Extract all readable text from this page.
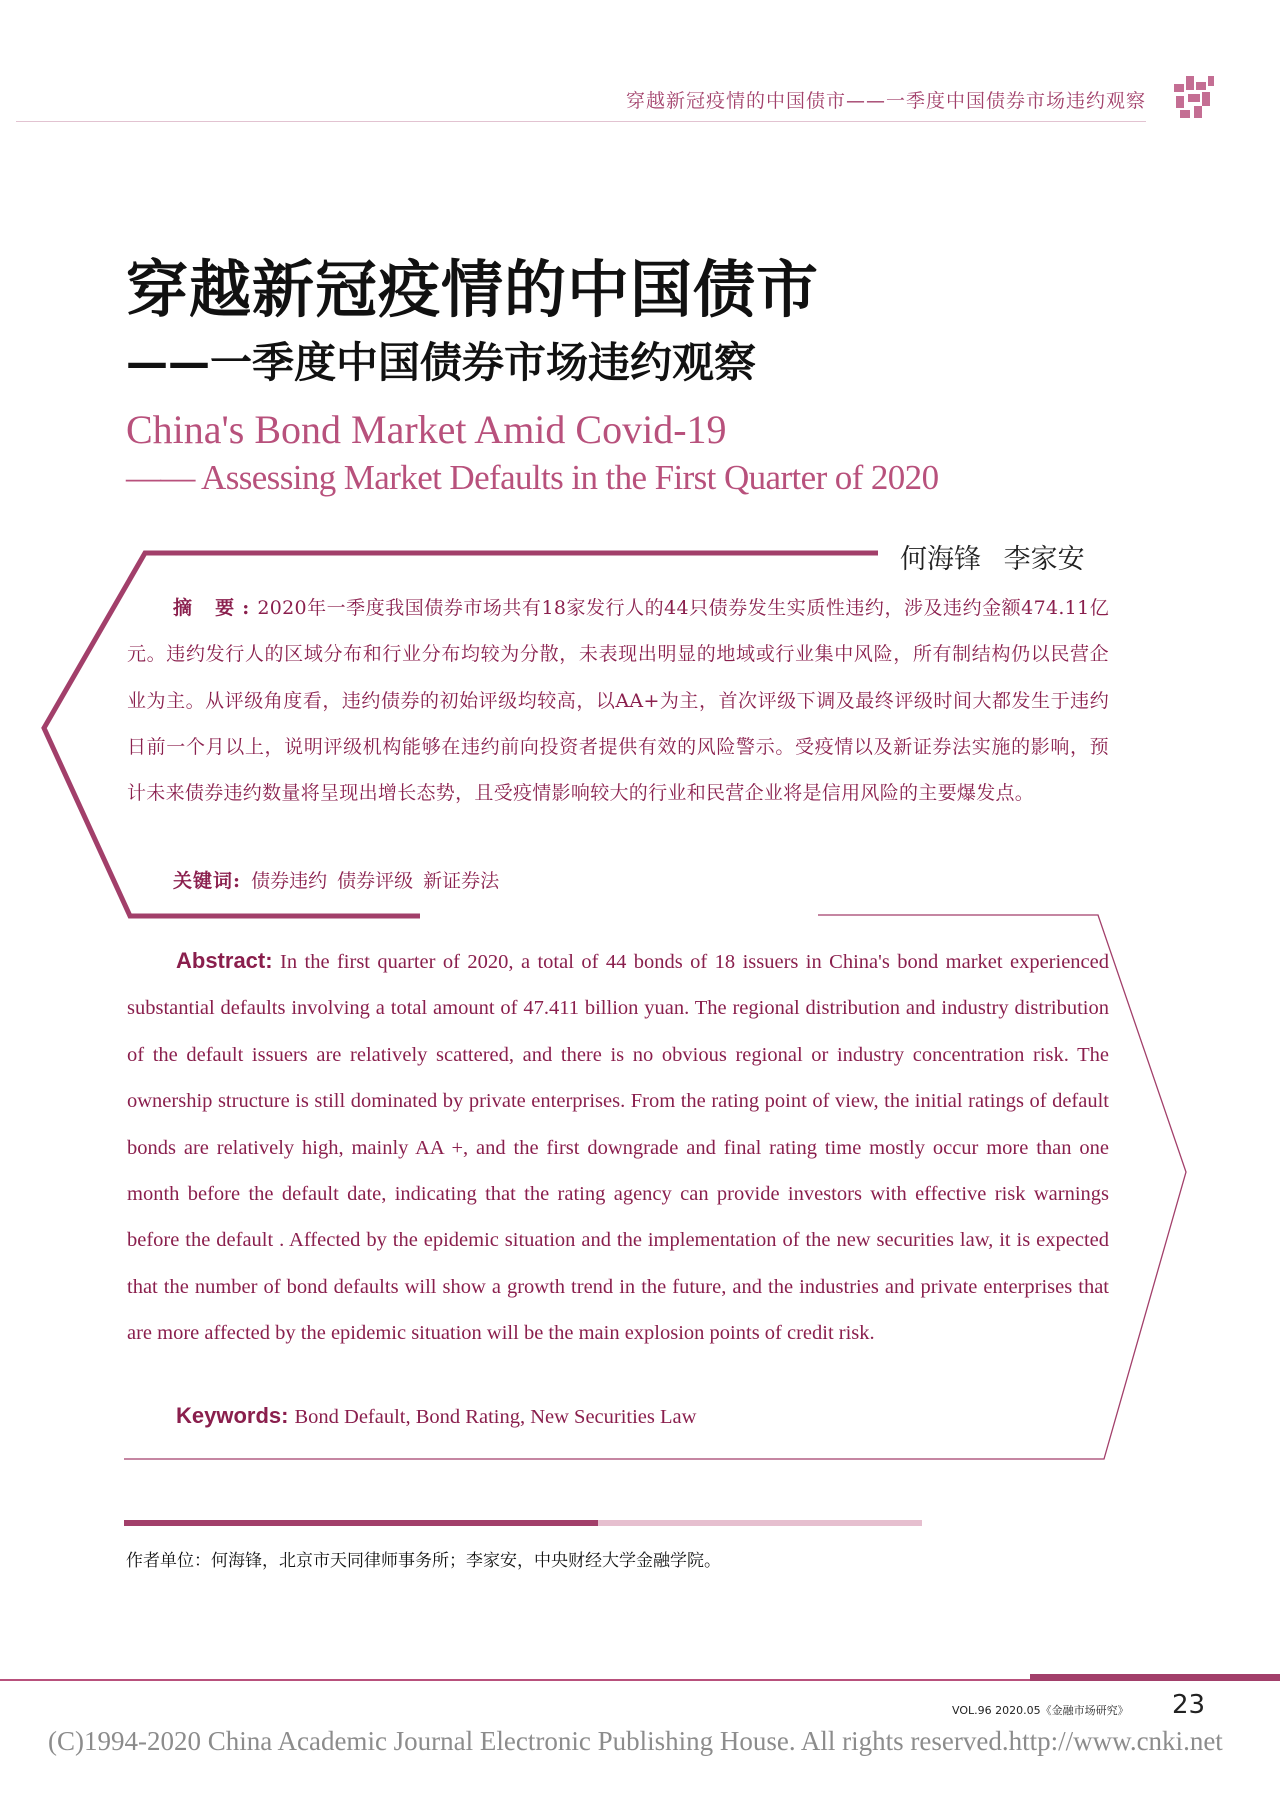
穿越新冠疫情的中国债市——一季度中国债券市场违约观察
穿越新冠疫情的中国债市
——一季度中国债券市场违约观察
China's Bond Market Amid Covid-19
—— Assessing Market Defaults in the First Quarter of 2020
何海锋 李家安
摘 要:2020年一季度我国债券市场共有18家发行人的44只债券发生实质性违约，涉及违约金额474.11亿元。违约发行人的区域分布和行业分布均较为分散，未表现出明显的地域或行业集中风险，所有制结构仍以民营企业为主。从评级角度看，违约债券的初始评级均较高，以AA+为主，首次评级下调及最终评级时间大都发生于违约日前一个月以上，说明评级机构能够在违约前向投资者提供有效的风险警示。受疫情以及新证券法实施的影响，预计未来债券违约数量将呈现出增长态势，且受疫情影响较大的行业和民营企业将是信用风险的主要爆发点。
关键词: 债券违约 债券评级 新证券法
Abstract: In the first quarter of 2020, a total of 44 bonds of 18 issuers in China's bond market experienced substantial defaults involving a total amount of 47.411 billion yuan. The regional distribution and industry distribution of the default issuers are relatively scattered, and there is no obvious regional or industry concentration risk. The ownership structure is still dominated by private enterprises. From the rating point of view, the initial ratings of default bonds are relatively high, mainly AA +, and the first downgrade and final rating time mostly occur more than one month before the default date, indicating that the rating agency can provide investors with effective risk warnings before the default . Affected by the epidemic situation and the implementation of the new securities law, it is expected that the number of bond defaults will show a growth trend in the future, and the industries and private enterprises that are more affected by the epidemic situation will be the main explosion points of credit risk.
Keywords: Bond Default, Bond Rating, New Securities Law
作者单位：何海锋，北京市天同律师事务所；李家安，中央财经大学金融学院。
VOL.96 2020.05《金融市场研究》 23
(C)1994-2020 China Academic Journal Electronic Publishing House. All rights reserved. http://www.cnki.net
